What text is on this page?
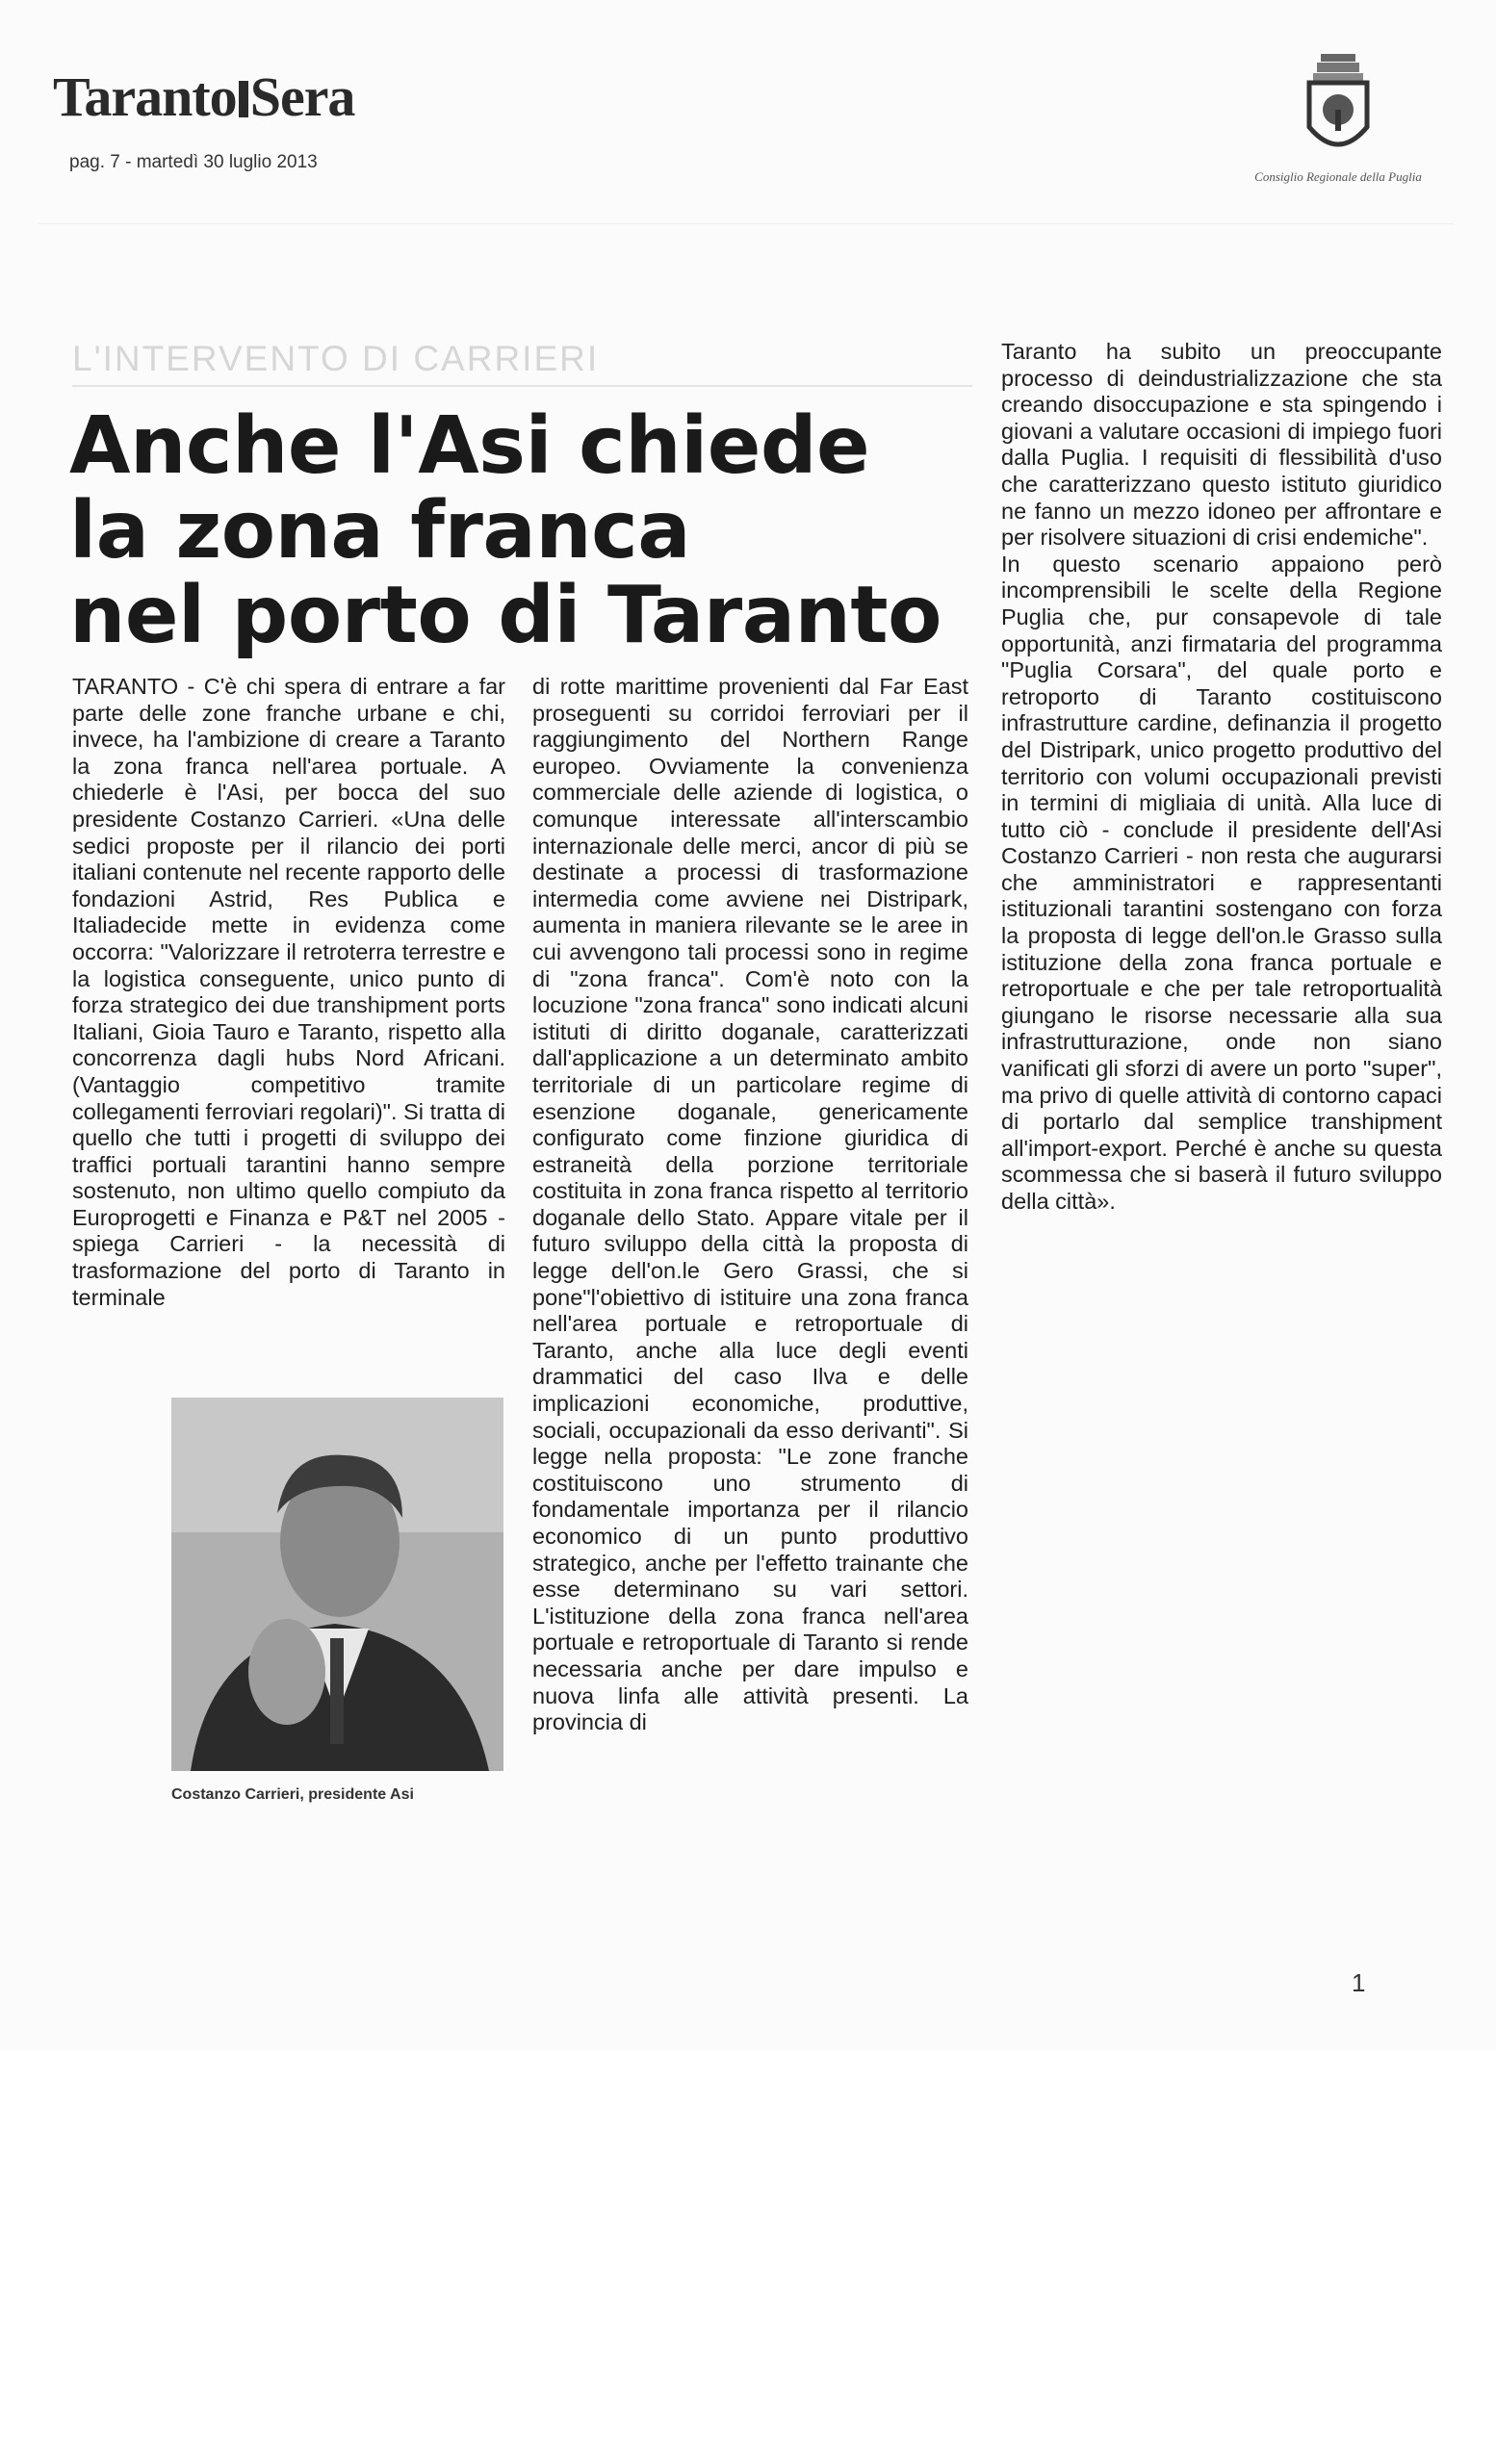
Taranto Sera
pag. 7 - martedì 30 luglio 2013
Consiglio Regionale della Puglia
L'INTERVENTO DI CARRIERI
Anche l'Asi chiede
la zona franca
nel porto di Taranto

TARANTO - C'è chi spera di entrare a far parte delle zone franche urbane e chi, invece, ha l'ambizione di creare a Taranto la zona franca nell'area portuale. A chiederle è l'Asi, per bocca del suo presidente Costanzo Carrieri. «Una delle sedici proposte per il rilancio dei porti italiani contenute nel recente rapporto delle fondazioni Astrid, Res Publica e Italiadecide mette in evidenza come occorra: "Valorizzare il retroterra terrestre e la logistica conseguente, unico punto di forza strategico dei due transhipment ports Italiani, Gioia Tauro e Taranto, rispetto alla concorrenza dagli hubs Nord Africani. (Vantaggio competitivo tramite collegamenti ferroviari regolari)". Si tratta di quello che tutti i progetti di sviluppo dei traffici portuali tarantini hanno sempre sostenuto, non ultimo quello compiuto da Europrogetti e Finanza e P&T nel 2005 - spiega Carrieri - la necessità di trasformazione del porto di Taranto in terminale

Costanzo Carrieri, presidente Asi

di rotte marittime provenienti dal Far East proseguenti su corridoi ferroviari per il raggiungimento del Northern Range europeo. Ovviamente la convenienza commerciale delle aziende di logistica, o comunque interessate all'interscambio internazionale delle merci, ancor di più se destinate a processi di trasformazione intermedia come avviene nei Distripark, aumenta in maniera rilevante se le aree in cui avvengono tali processi sono in regime di "zona franca". Com'è noto con la locuzione "zona franca" sono indicati alcuni istituti di diritto doganale, caratterizzati dall'applicazione a un determinato ambito territoriale di un particolare regime di esenzione doganale, genericamente configurato come finzione giuridica di estraneità della porzione territoriale costituita in zona franca rispetto al territorio doganale dello Stato. Appare vitale per il futuro sviluppo della città la proposta di legge dell'on.le Gero Grassi, che si pone"l'obiettivo di istituire una zona franca nell'area portuale e retroportuale di Taranto, anche alla luce degli eventi drammatici del caso Ilva e delle implicazioni economiche, produttive, sociali, occupazionali da esso derivanti". Si legge nella proposta: "Le zone franche costituiscono uno strumento di fondamentale importanza per il rilancio economico di un punto produttivo strategico, anche per l'effetto trainante che esse determinano su vari settori. L'istituzione della zona franca nell'area portuale e retroportuale di Taranto si rende necessaria anche per dare impulso e nuova linfa alle attività presenti. La provincia di

Taranto ha subito un preoccupante processo di deindustrializzazione che sta creando disoccupazione e sta spingendo i giovani a valutare occasioni di impiego fuori dalla Puglia. I requisiti di flessibilità d'uso che caratterizzano questo istituto giuridico ne fanno un mezzo idoneo per affrontare e per risolvere situazioni di crisi endemiche".

In questo scenario appaiono però incomprensibili le scelte della Regione Puglia che, pur consapevole di tale opportunità, anzi firmataria del programma "Puglia Corsara", del quale porto e retroporto di Taranto costituiscono infrastrutture cardine, definanzia il progetto del Distripark, unico progetto produttivo del territorio con volumi occupazionali previsti in termini di migliaia di unità. Alla luce di tutto ciò - conclude il presidente dell'Asi Costanzo Carrieri - non resta che augurarsi che amministratori e rappresentanti istituzionali tarantini sostengano con forza la proposta di legge dell'on.le Grasso sulla istituzione della zona franca portuale e retroportuale e che per tale retroportualità giungano le risorse necessarie alla sua infrastrutturazione, onde non siano vanificati gli sforzi di avere un porto "super", ma privo di quelle attività di contorno capaci di portarlo dal semplice transhipment all'import-export. Perché è anche su questa scommessa che si baserà il futuro sviluppo della città».

1
